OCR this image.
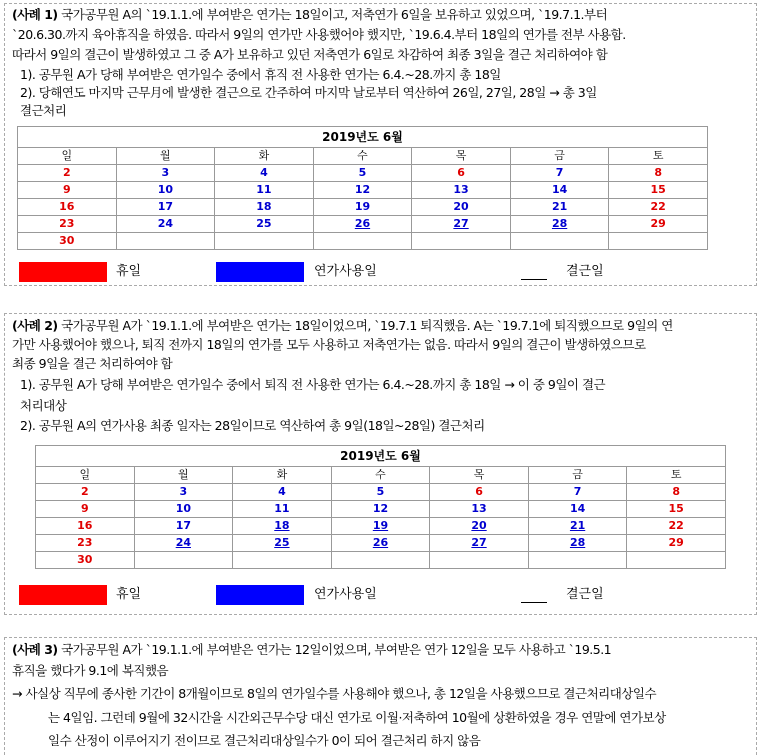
(사례 1) 국가공무원 A의 `19.1.1.에 부여받은 연가는 18일이고, 저축연가 6일을 보유하고 있었으며, `19.7.1.부터
`20.6.30.까지 육아휴직을 하였음. 따라서 9일의 연가만 사용했어야 했지만, `19.6.4.부터 18일의 연가를 전부 사용함.
따라서 9일의 결근이 발생하였고 그 중 A가 보유하고 있던 저축연가 6일로 차감하여 최종 3일을 결근 처리하여야 함
1). 공무원 A가 당해 부여받은 연가일수 중에서 휴직 전 사용한 연가는 6.4.~28.까지 총 18일
2). 당해연도 마지막 근무月에 발생한 결근으로 간주하여 마지막 날로부터 역산하여 26일, 27일, 28일 → 총 3일
결근처리
2019년도 6월						
일	월	화	수	목	금	토
2	3	4	5	6	7	8
9	10	11	12	13	14	15
16	17	18	19	20	21	22
23	24	25	26	27	28	29
30						
휴일	연가사용일	결근일
(사례 2) 국가공무원 A가 `19.1.1.에 부여받은 연가는 18일이었으며, `19.7.1 퇴직했음. A는 `19.7.1에 퇴직했으므로 9일의 연
가만 사용했어야 했으나, 퇴직 전까지 18일의 연가를 모두 사용하고 저축연가는 없음. 따라서 9일의 결근이 발생하였으므로
최종 9일을 결근 처리하여야 함
1). 공무원 A가 당해 부여받은 연가일수 중에서 퇴직 전 사용한 연가는 6.4.~28.까지 총 18일 → 이 중 9일이 결근
처리대상
2). 공무원 A의 연가사용 최종 일자는 28일이므로 역산하여 총 9일(18일~28일) 결근처리
2019년도 6월						
일	월	화	수	목	금	토
2	3	4	5	6	7	8
9	10	11	12	13	14	15
16	17	18	19	20	21	22
23	24	25	26	27	28	29
30						
휴일	연가사용일	결근일
(사례 3) 국가공무원 A가 `19.1.1.에 부여받은 연가는 12일이었으며, 부여받은 연가 12일을 모두 사용하고 `19.5.1
휴직을 했다가 9.1에 복직했음
→ 사실상 직무에 종사한 기간이 8개월이므로 8일의 연가일수를 사용해야 했으나, 총 12일을 사용했으므로 결근처리대상일수
는 4일임. 그런데 9월에 32시간을 시간외근무수당 대신 연가로 이월·저축하여 10월에 상환하였을 경우 연말에 연가보상
일수 산정이 이루어지기 전이므로 결근처리대상일수가 0이 되어 결근처리 하지 않음
